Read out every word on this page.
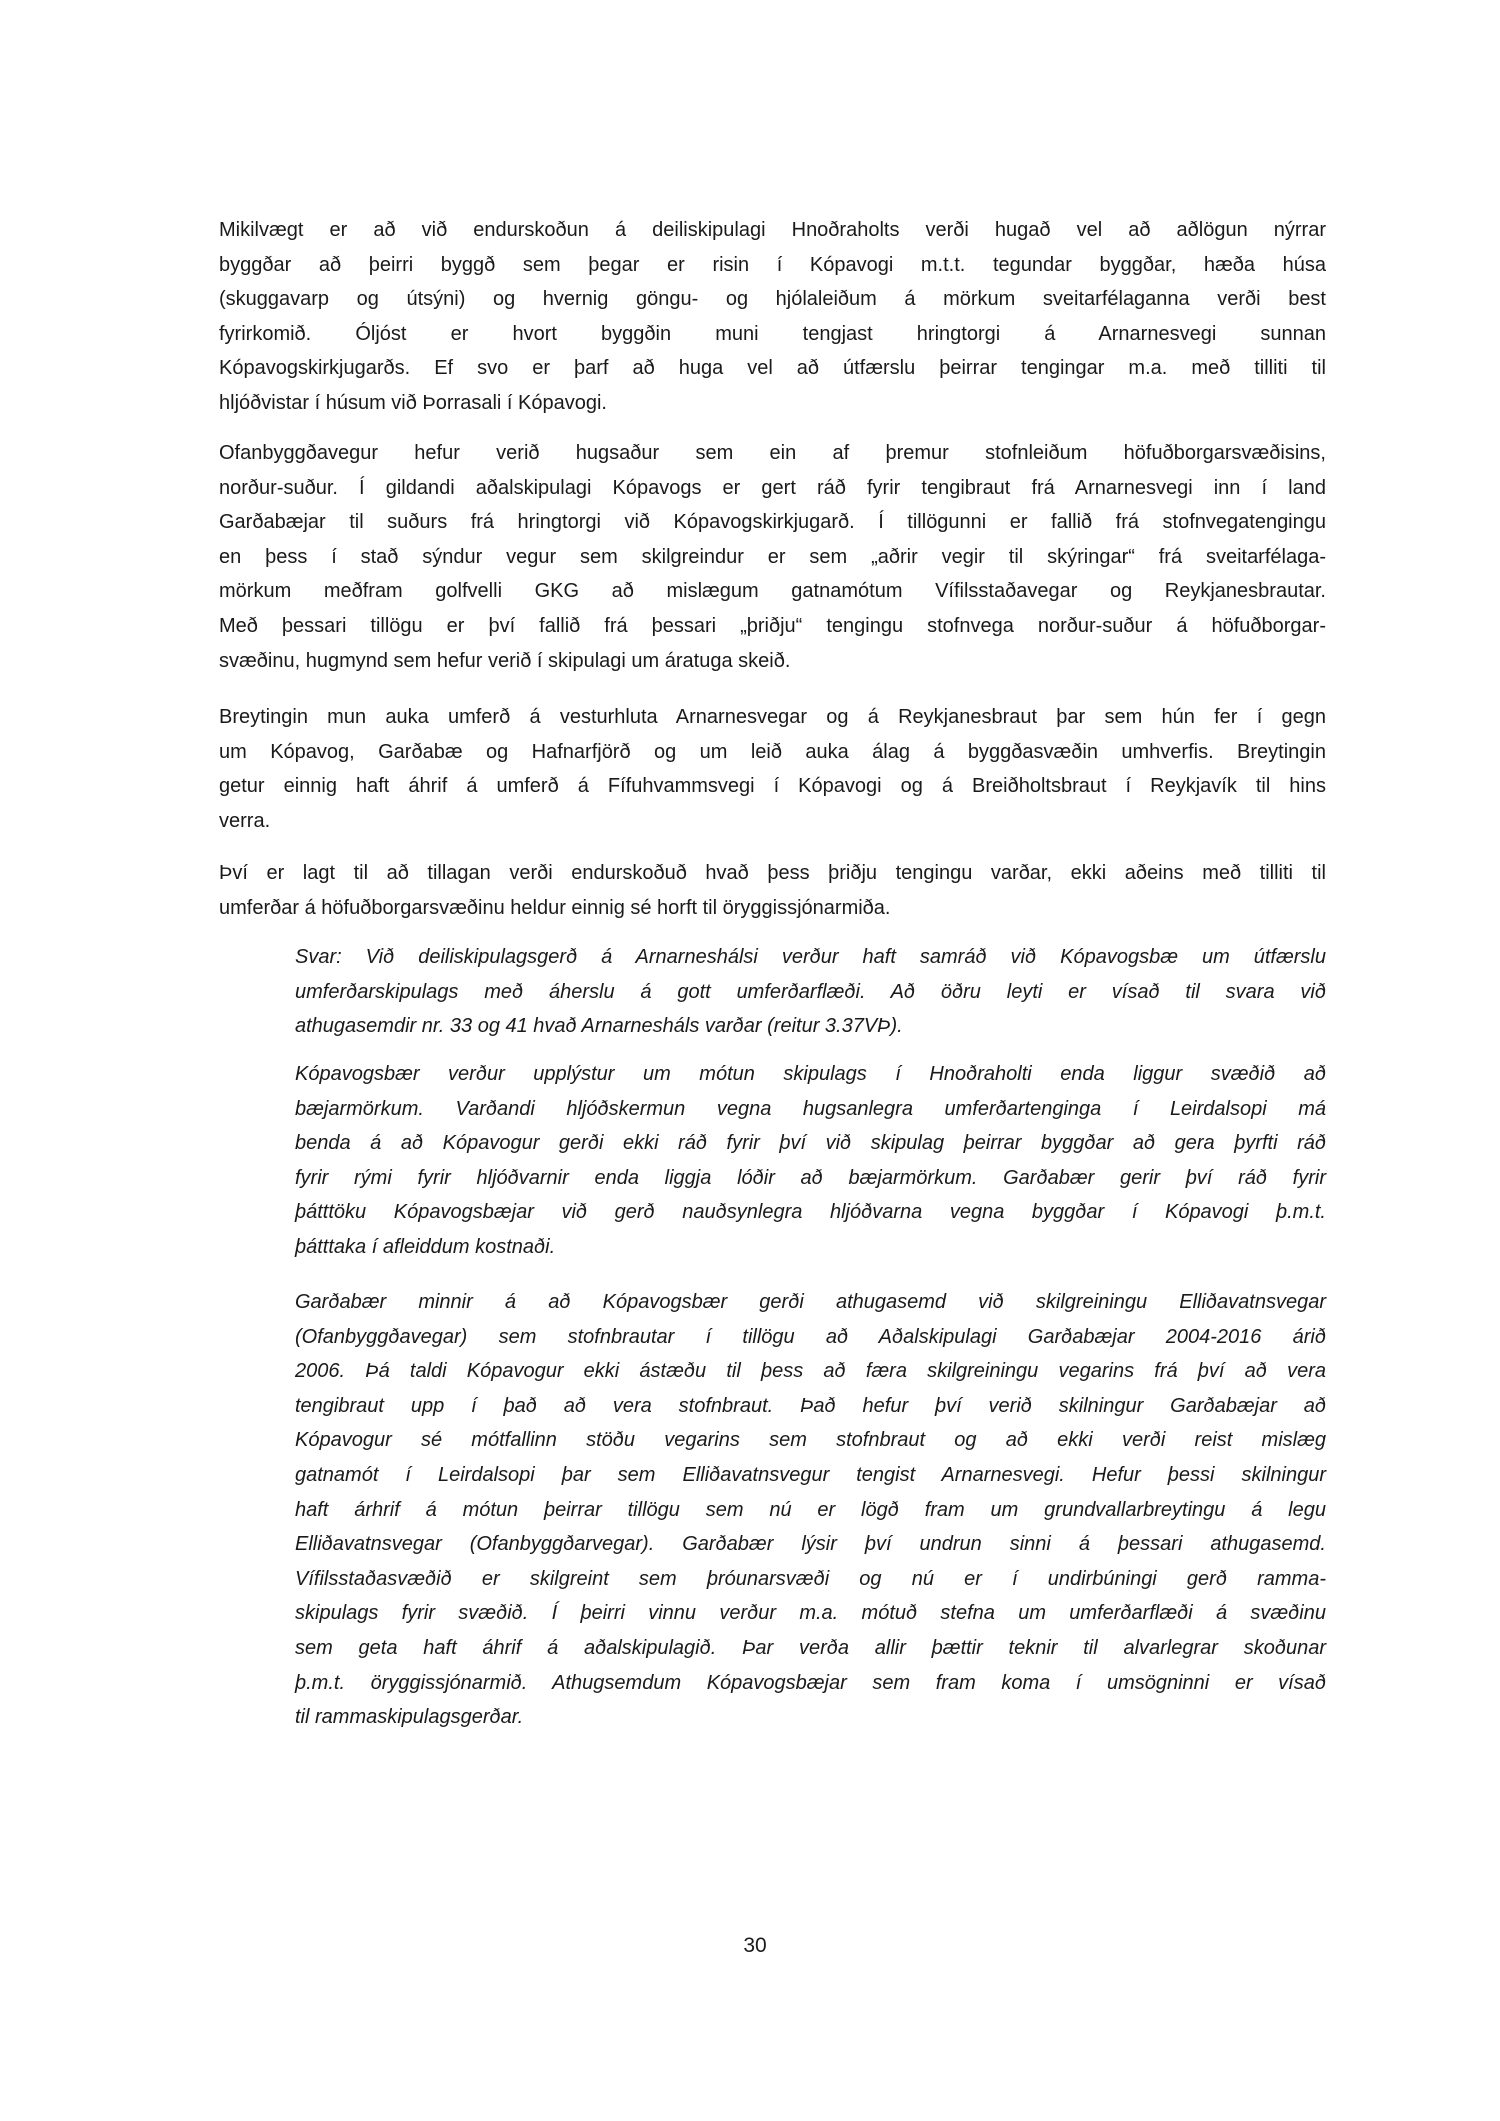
30
Mikilvægt er að við endurskoðun á deiliskipulagi Hnoðraholts verði hugað vel að aðlögun nýrrar
byggðar að þeirri byggð sem þegar er risin í Kópavogi m.t.t. tegundar byggðar, hæða húsa
(skuggavarp og útsýni) og hvernig göngu- og hjólaleiðum á mörkum sveitarfélaganna verði best
fyrirkomið. Óljóst er hvort byggðin muni tengjast hringtorgi á Arnarnesvegi sunnan
Kópavogskirkjugarðs. Ef svo er þarf að huga vel að útfærslu þeirrar tengingar m.a. með tilliti til
hljóðvistar í húsum við Þorrasali í Kópavogi.
Ofanbyggðavegur hefur verið hugsaður sem ein af þremur stofnleiðum höfuðborgarsvæðisins,
norður-suður. Í gildandi aðalskipulagi Kópavogs er gert ráð fyrir tengibraut frá Arnarnesvegi inn í land
Garðabæjar til suðurs frá hringtorgi við Kópavogskirkjugarð. Í tillögunni er fallið frá stofnvegatengingu
en þess í stað sýndur vegur sem skilgreindur er sem „aðrir vegir til skýringar“ frá sveitarfélaga-
mörkum meðfram golfvelli GKG að mislægum gatnamótum Vífilsstaðavegar og Reykjanesbrautar.
Með þessari tillögu er því fallið frá þessari „þriðju“ tengingu stofnvega norður-suður á höfuðborgar-
svæðinu, hugmynd sem hefur verið í skipulagi um áratuga skeið.
Breytingin mun auka umferð á vesturhluta Arnarnesvegar og á Reykjanesbraut þar sem hún fer í gegn
um Kópavog, Garðabæ og Hafnarfjörð og um leið auka álag á byggðasvæðin umhverfis. Breytingin
getur einnig haft áhrif á umferð á Fífuhvammsvegi í Kópavogi og á Breiðholtsbraut í Reykjavík til hins
verra.
Því er lagt til að tillagan verði endurskoðuð hvað þess þriðju tengingu varðar, ekki aðeins með tilliti til
umferðar á höfuðborgarsvæðinu heldur einnig sé horft til öryggissjónarmiða.
Svar: Við deiliskipulagsgerð á Arnarneshálsi verður haft samráð við Kópavogsbæ um útfærslu
umferðarskipulags með áherslu á gott umferðarflæði. Að öðru leyti er vísað til svara við
athugasemdir nr. 33 og 41 hvað Arnarnesháls varðar (reitur 3.37VÞ).
Kópavogsbær verður upplýstur um mótun skipulags í Hnoðraholti enda liggur svæðið að
bæjarmörkum. Varðandi hljóðskermun vegna hugsanlegra umferðartenginga í Leirdalsopi má
benda á að Kópavogur gerði ekki ráð fyrir því við skipulag þeirrar byggðar að gera þyrfti ráð
fyrir rými fyrir hljóðvarnir enda liggja lóðir að bæjarmörkum. Garðabær gerir því ráð fyrir
þátttöku Kópavogsbæjar við gerð nauðsynlegra hljóðvarna vegna byggðar í Kópavogi þ.m.t.
þátttaka í afleiddum kostnaði.
Garðabær minnir á að Kópavogsbær gerði athugasemd við skilgreiningu Elliðavatnsvegar
(Ofanbyggðavegar) sem stofnbrautar í tillögu að Aðalskipulagi Garðabæjar 2004-2016 árið
2006. Þá taldi Kópavogur ekki ástæðu til þess að færa skilgreiningu vegarins frá því að vera
tengibraut upp í það að vera stofnbraut. Það hefur því verið skilningur Garðabæjar að
Kópavogur sé mótfallinn stöðu vegarins sem stofnbraut og að ekki verði reist mislæg
gatnamót í Leirdalsopi þar sem Elliðavatnsvegur tengist Arnarnesvegi. Hefur þessi skilningur
haft árhrif á mótun þeirrar tillögu sem nú er lögð fram um grundvallarbreytingu á legu
Elliðavatnsvegar (Ofanbyggðarvegar). Garðabær lýsir því undrun sinni á þessari athugasemd.
Vífilsstaðasvæðið er skilgreint sem þróunarsvæði og nú er í undirbúningi gerð ramma-
skipulags fyrir svæðið. Í þeirri vinnu verður m.a. mótuð stefna um umferðarflæði á svæðinu
sem geta haft áhrif á aðalskipulagið. Þar verða allir þættir teknir til alvarlegrar skoðunar
þ.m.t. öryggissjónarmið. Athugsemdum Kópavogsbæjar sem fram koma í umsögninni er vísað
til rammaskipulagsgerðar.
